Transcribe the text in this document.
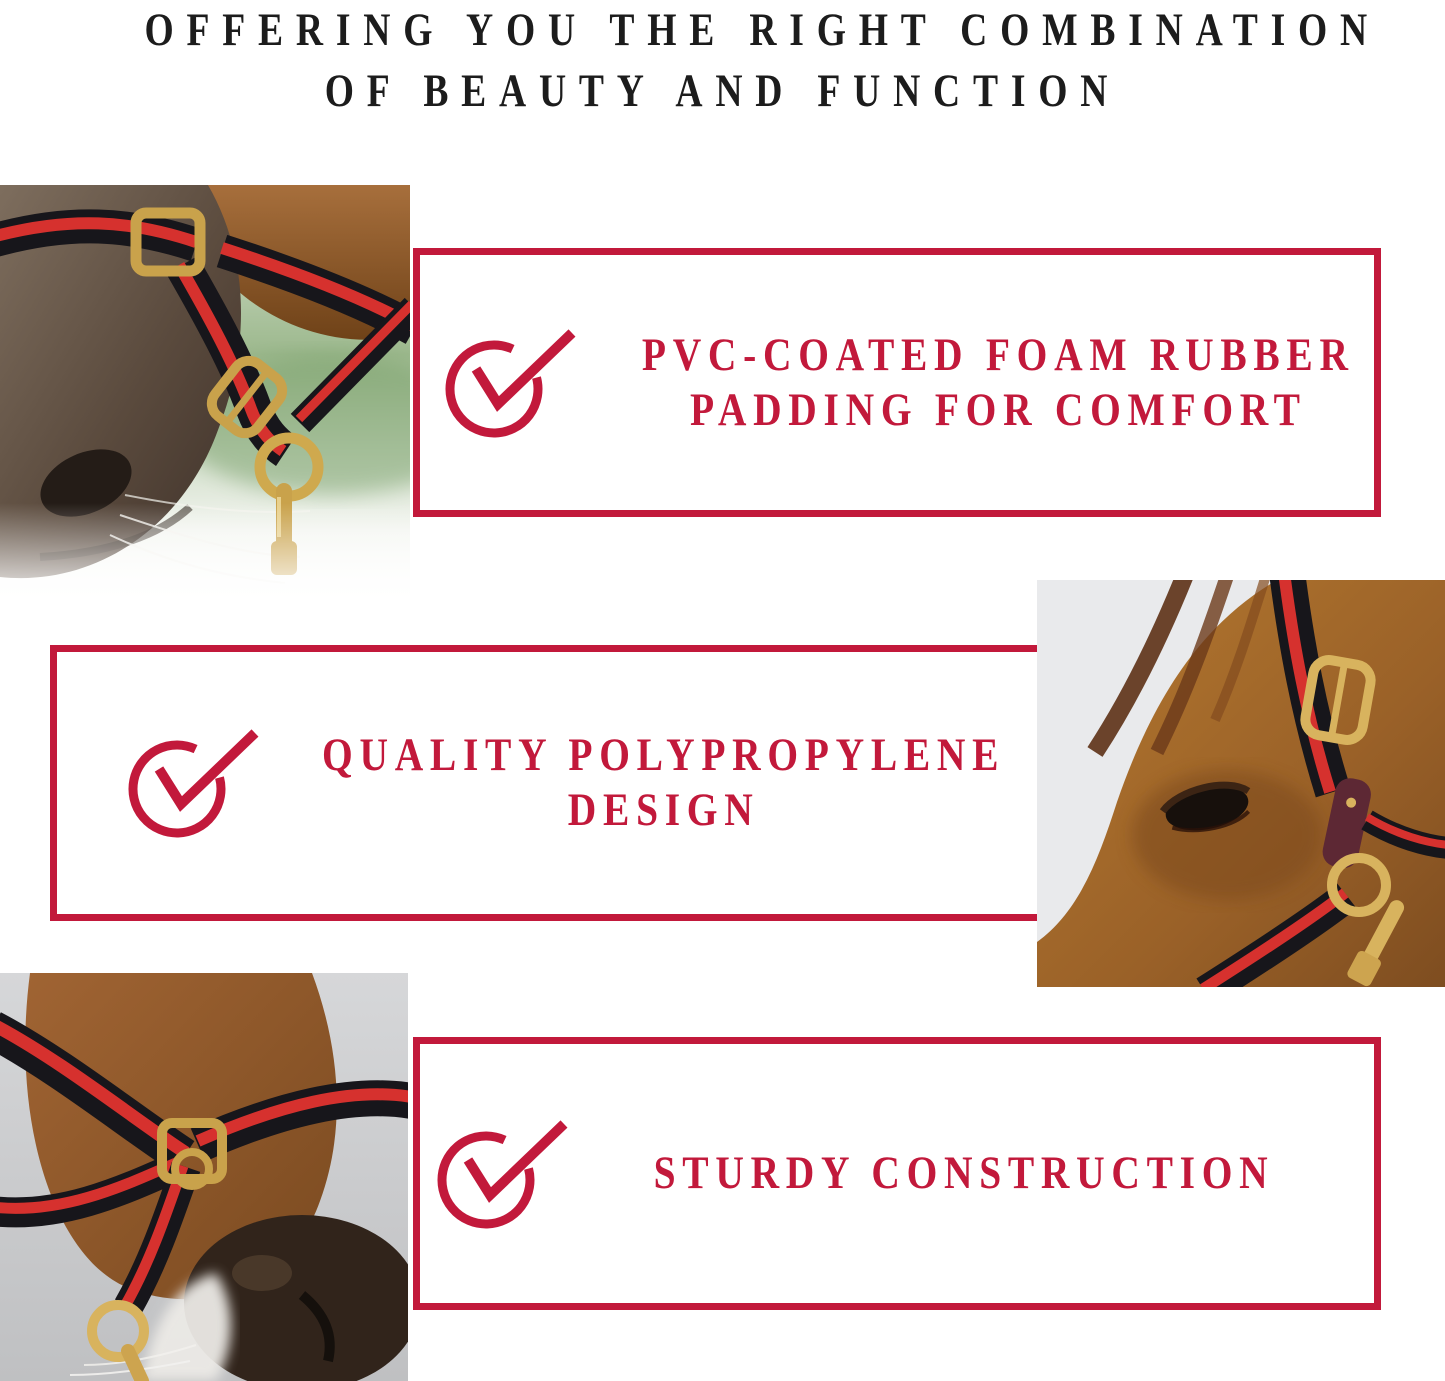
OFFERING YOU THE RIGHT COMBINATION
OF BEAUTY AND FUNCTION
PVC-COATED FOAM RUBBER
PADDING FOR COMFORT
QUALITY POLYPROPYLENE
DESIGN
STURDY CONSTRUCTION
